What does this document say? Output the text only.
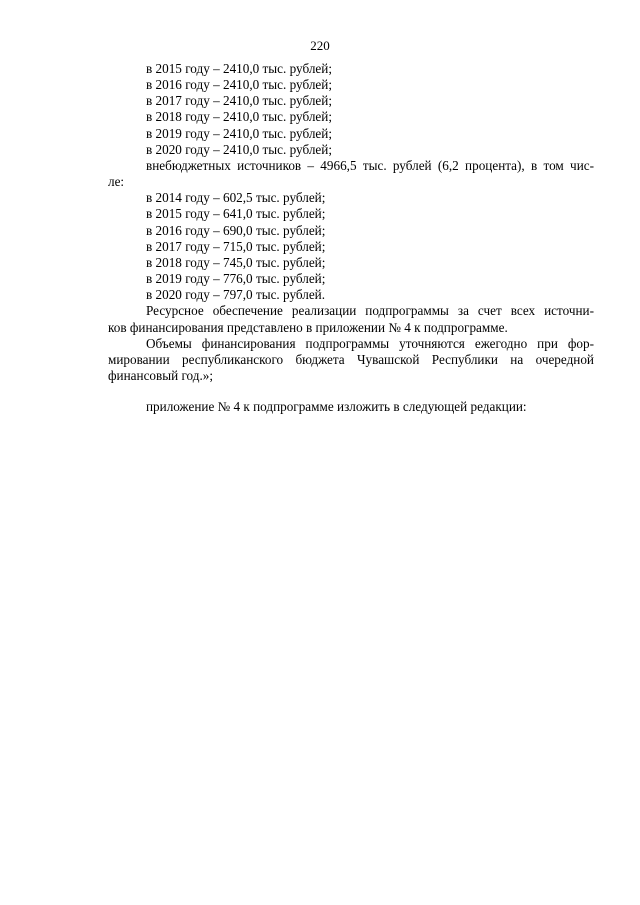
220
в 2015 году – 2410,0 тыс. рублей;
в 2016 году – 2410,0 тыс. рублей;
в 2017 году – 2410,0 тыс. рублей;
в 2018 году – 2410,0 тыс. рублей;
в 2019 году – 2410,0 тыс. рублей;
в 2020 году – 2410,0 тыс. рублей;
внебюджетных источников – 4966,5 тыс. рублей (6,2 процента), в том чис-
ле:
в 2014 году – 602,5 тыс. рублей;
в 2015 году – 641,0 тыс. рублей;
в 2016 году – 690,0 тыс. рублей;
в 2017 году – 715,0 тыс. рублей;
в 2018 году – 745,0 тыс. рублей;
в 2019 году – 776,0 тыс. рублей;
в 2020 году – 797,0 тыс. рублей.
Ресурсное обеспечение реализации подпрограммы за счет всех источни-
ков финансирования представлено в приложении № 4 к подпрограмме.
Объемы финансирования подпрограммы уточняются ежегодно при фор-
мировании республиканского бюджета Чувашской Республики на очередной
финансовый год.»;
приложение № 4 к подпрограмме изложить в следующей редакции:
